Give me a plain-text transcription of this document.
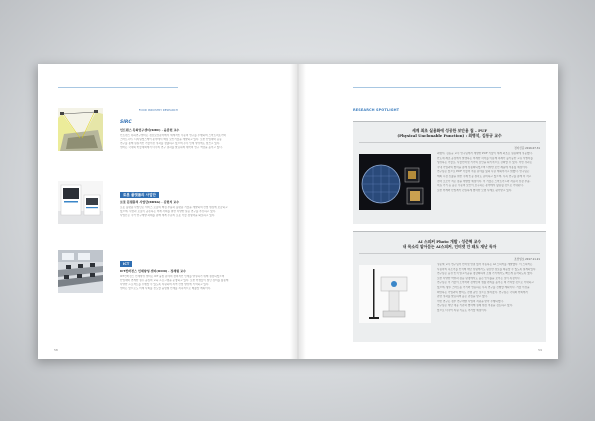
SIRC $^{FOOD INDUSTRY RESEARCH}$
인트랜스 특허연구센터(SIRC) · 윤종현 교수
인트랜스 특허연구센터는 정보보호분야에서 세계적인 수준의 연구를 수행하며 스마트팩토리와
스마트시티, 디지털헬스케어 분야에서 핵심 보안기술을 개발하고 있다. 또한 산업체와 공동
연구를 통해 실질적인 기술이전 성과를 창출하고 있으며 우수 인재 양성에도 힘쓰고 있다.
센터는 국내외 학술대회에서 다수의 연구 결과를 발표하며 대학의 연구 역량을 높이고 있다.
로봇 플랫폼의 사업단
로봇 플랫폼의 사업단(RDSG) · 김현석 교수
로봇 플랫폼 사업단은 서비스 로봇의 핵심 부품과 플랫폼 기술을 개발하여 산업 현장에 보급하고
있으며, 사람과 로봇이 공존하는 미래 사회를 위한 다양한 실증 연구를 추진하고 있다.
사업단은 국가 연구개발 과제를 통해 세계 수준의 로봇 기술 경쟁력을 확보하고 있다.
ICT
ICT컨버전스 인재양성 센터(ICCD) · 정재형 교수
ICT컨버전스 인재양성 센터는 ICT 융합 분야의 창의적인 인재를 양성하기 위해 설립되었으며
산업체와 연계한 실무 중심의 교육 프로그램을 운영하고 있다. 또한 학생들이 첨단 장비를 활용해
다양한 프로젝트를 수행할 수 있도록 지원하며 지역 산업 발전에 기여하고 있다.
센터는 앞으로도 미래 사회를 선도할 융합형 인재를 지속적으로 배출할 계획이다.
58
RESEARCH SPOTLIGHT
세계 최초 실용화에 성공한 보안용 칩 – PUF
(Physical Unclonable Function) : 최병석, 김동규 교수
전자신문 2016.07.31
최병석, 김동규 교수 연구팀에서 개발한 PUF 기술이 세계 최초로 실용화에 성공했다.
반도체 제조 공정에서 발생하는 미세한 차이를 이용해 복제가 불가능한 고유 식별자를
생성하는 기술로, 사물인터넷 기기의 보안을 획기적으로 강화할 수 있다. 이번 성과는
국내 기업과의 협력을 통해 상용화되었으며 다양한 보안 제품에 적용될 예정이다.
연구팀은 앞으로 PUF 기술의 적용 분야를 넓혀 나갈 계획이라고 밝혔다. 연구팀은
해외 시장 진출을 위한 국제 인증 절차도 준비하고 있으며, 후속 연구를 통해 더 작고
전력 소모가 적은 칩을 개발할 예정이다. 이 기술은 스마트카드와 자동차 전장 부품,
의료 기기 등 높은 수준의 보안이 요구되는 분야에서 활용될 것으로 기대된다.
또한 학계와 산업계가 긴밀하게 협력한 모범 사례로 평가받고 있다.
AI 스피커 Photo 개발 : 성준혁 교수
내 목소리 알아듣는 AI스피커, 인터넷 안 돼도 재난 독자
조선일보 2017.11.21
성준혁 교수 연구팀이 인터넷 연결 없이 작동하는 AI 스피커를 개발했다. 이 스피커는
사용자의 목소리를 인식해 재난 상황에서도 필요한 정보를 제공할 수 있도록 설계되었다.
연구팀은 음성 인식 알고리즘을 경량화하여 소형 기기에서도 빠르게 동작하도록 했다.
또한 다양한 억양과 잡음 환경에서도 높은 인식률을 보이는 것이 특징이다.
연구팀은 이 기술이 노약자와 장애인의 생활 편의를 높이는 데 기여할 것으로 기대하고
있으며, 향후 스마트홈 기기와 연동하는 후속 연구를 진행할 계획이다. 기술 이전을
희망하는 기업과의 협의도 진행 중인 것으로 알려졌다. 연구팀은 국내외 학회에서
관련 성과를 발표하며 높은 관심을 받고 있다.
이번 연구는 정부 연구개발 사업의 지원을 받아 수행되었다.
연구팀은 재난 대응 기관과 협력해 실제 현장 적용을 검토하고 있다.
앞으로 다국어 지원 기능도 추가할 예정이다.
59
